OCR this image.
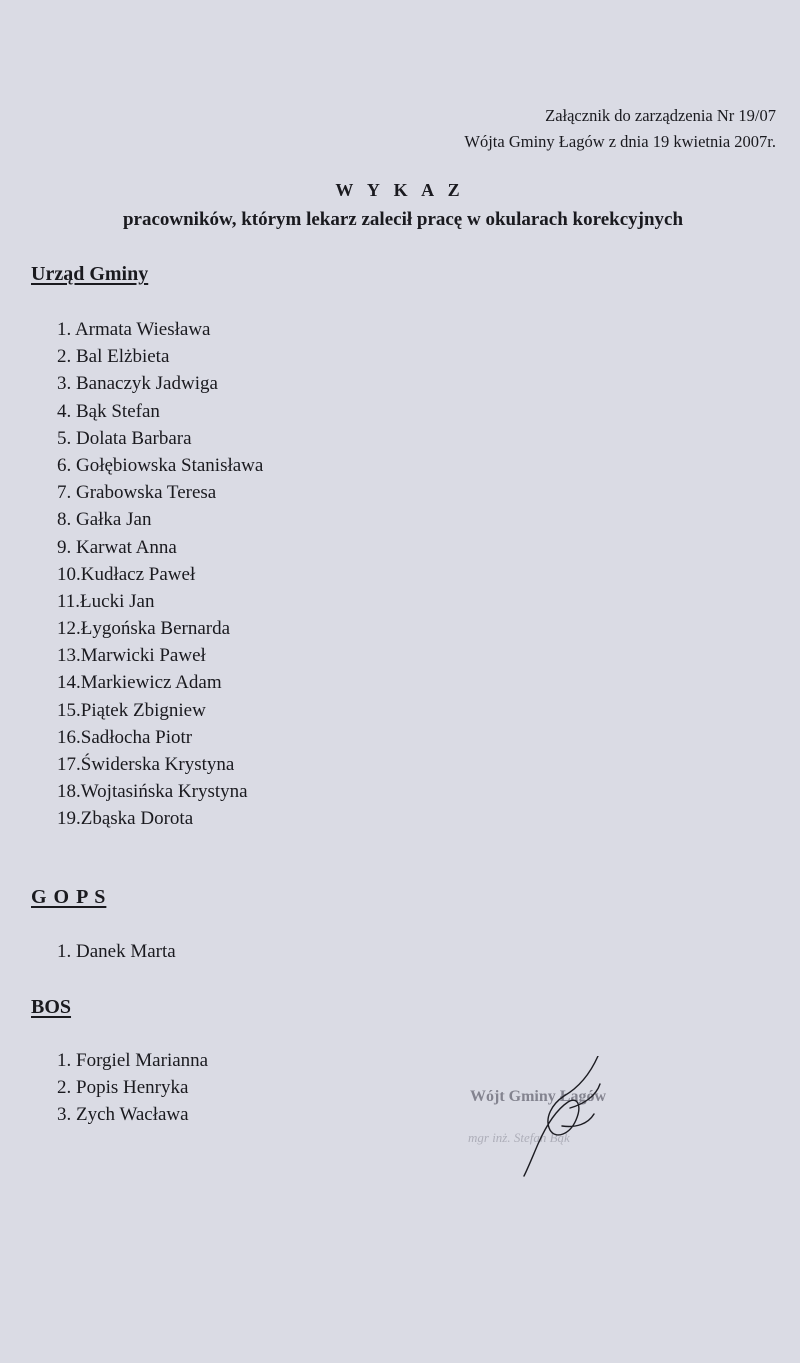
Załącznik do zarządzenia Nr 19/07
Wójta Gminy Łagów z dnia 19 kwietnia 2007r.
W Y K A Z
pracowników, którym lekarz zalecił pracę w okularach korekcyjnych
Urząd Gminy
1. Armata Wiesława
2. Bal Elżbieta
3. Banaczyk Jadwiga
4. Bąk Stefan
5. Dolata Barbara
6. Gołębiowska Stanisława
7. Grabowska Teresa
8. Gałka Jan
9. Karwat Anna
10.Kudłacz Paweł
11.Łucki Jan
12.Łygońska Bernarda
13.Marwicki Paweł
14.Markiewicz Adam
15.Piątek Zbigniew
16.Sadłocha Piotr
17.Świderska Krystyna
18.Wojtasińska Krystyna
19.Zbąska Dorota
G O P S
1. Danek Marta
BOS
1. Forgiel Marianna
2. Popis Henryka
3. Zych Wacława
Wójt Gminy Łagów
mgr inż. Stefan Bąk
